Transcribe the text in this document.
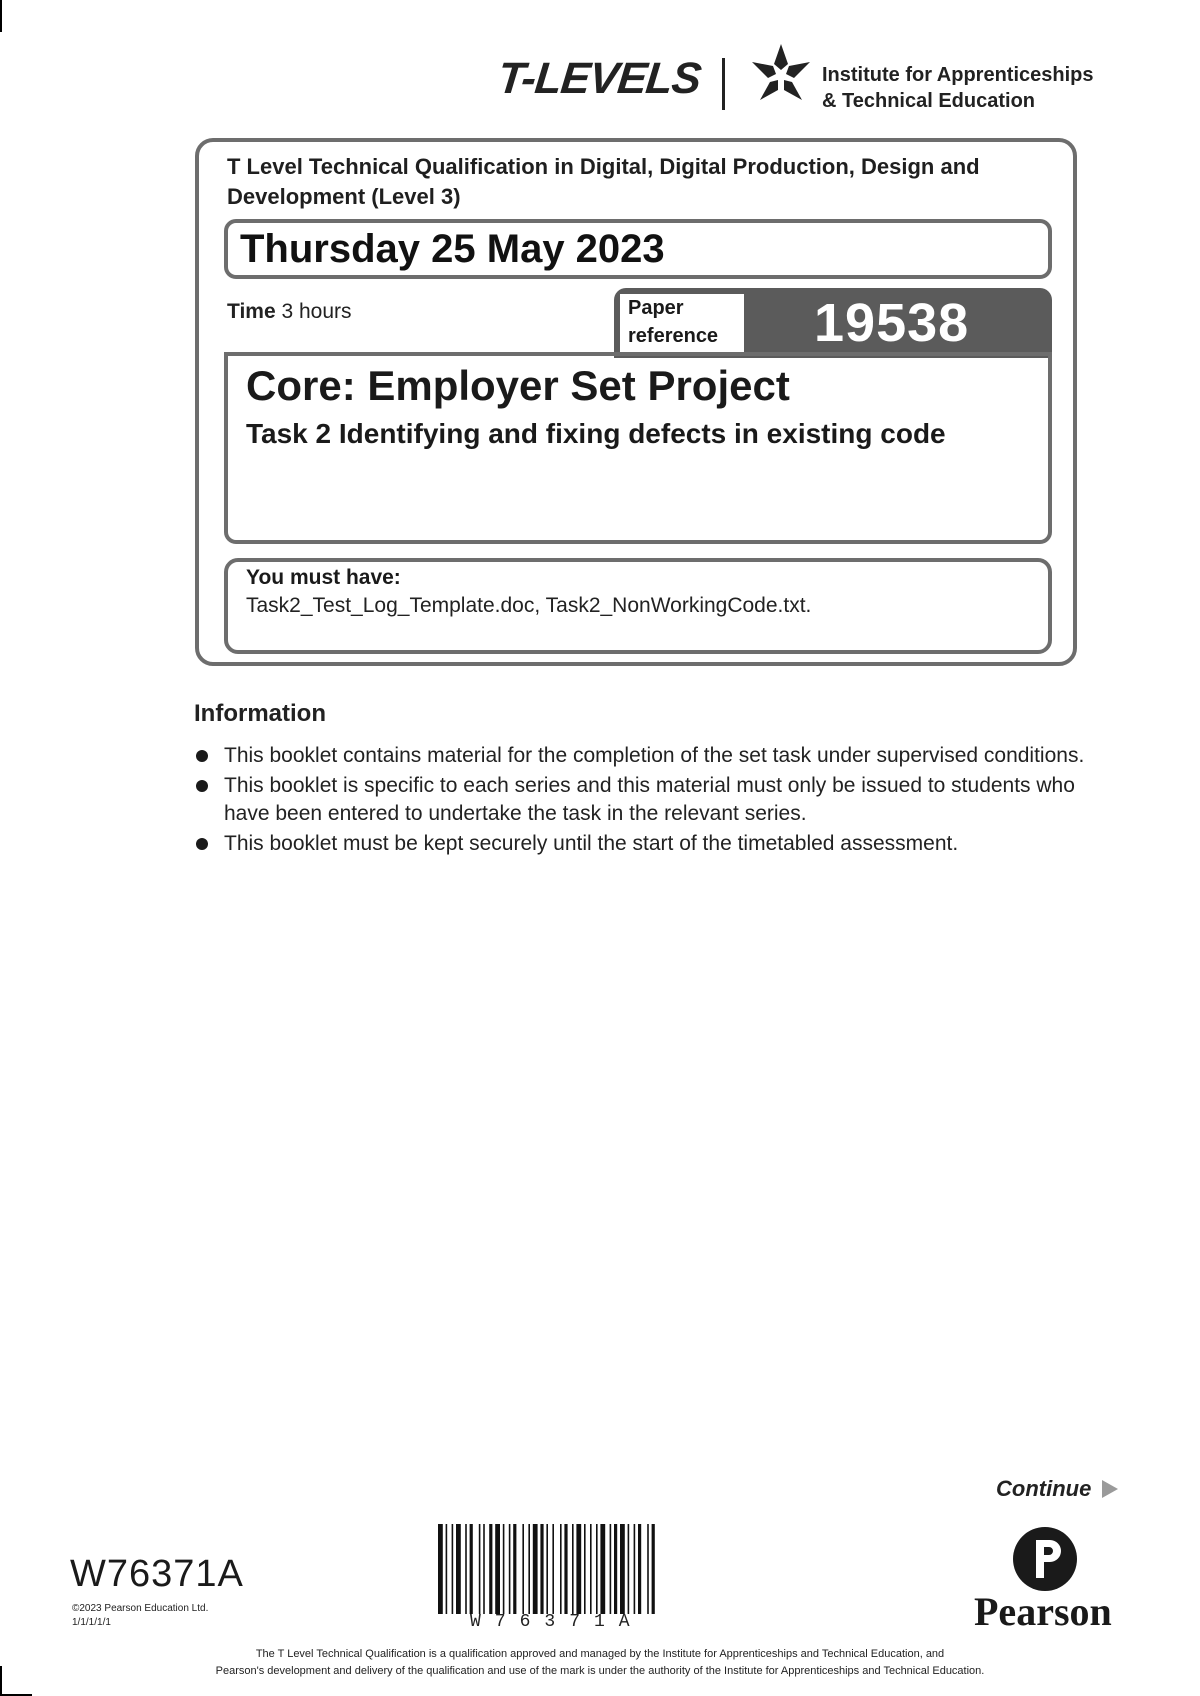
T-LEVELS	Institute for Apprenticeships
& Technical Education
T Level Technical Qualification in Digital, Digital Production, Design and Development (Level 3)
Thursday 25 May 2023
Time 3 hours	Paper
reference	19538
Core: Employer Set Project
Task 2 Identifying and fixing defects in existing code
You must have:
Task2_Test_Log_Template.doc, Task2_NonWorkingCode.txt.
Information
This booklet contains material for the completion of the set task under supervised conditions.
This booklet is specific to each series and this material must only be issued to students who have been entered to undertake the task in the relevant series.
This booklet must be kept securely until the start of the timetabled assessment.
Continue
W76371A
©2023 Pearson Education Ltd.
1/1/1/1/1	W76371A	Pearson
The T Level Technical Qualification is a qualification approved and managed by the Institute for Apprenticeships and Technical Education, and
Pearson's development and delivery of the qualification and use of the mark is under the authority of the Institute for Apprenticeships and Technical Education.
